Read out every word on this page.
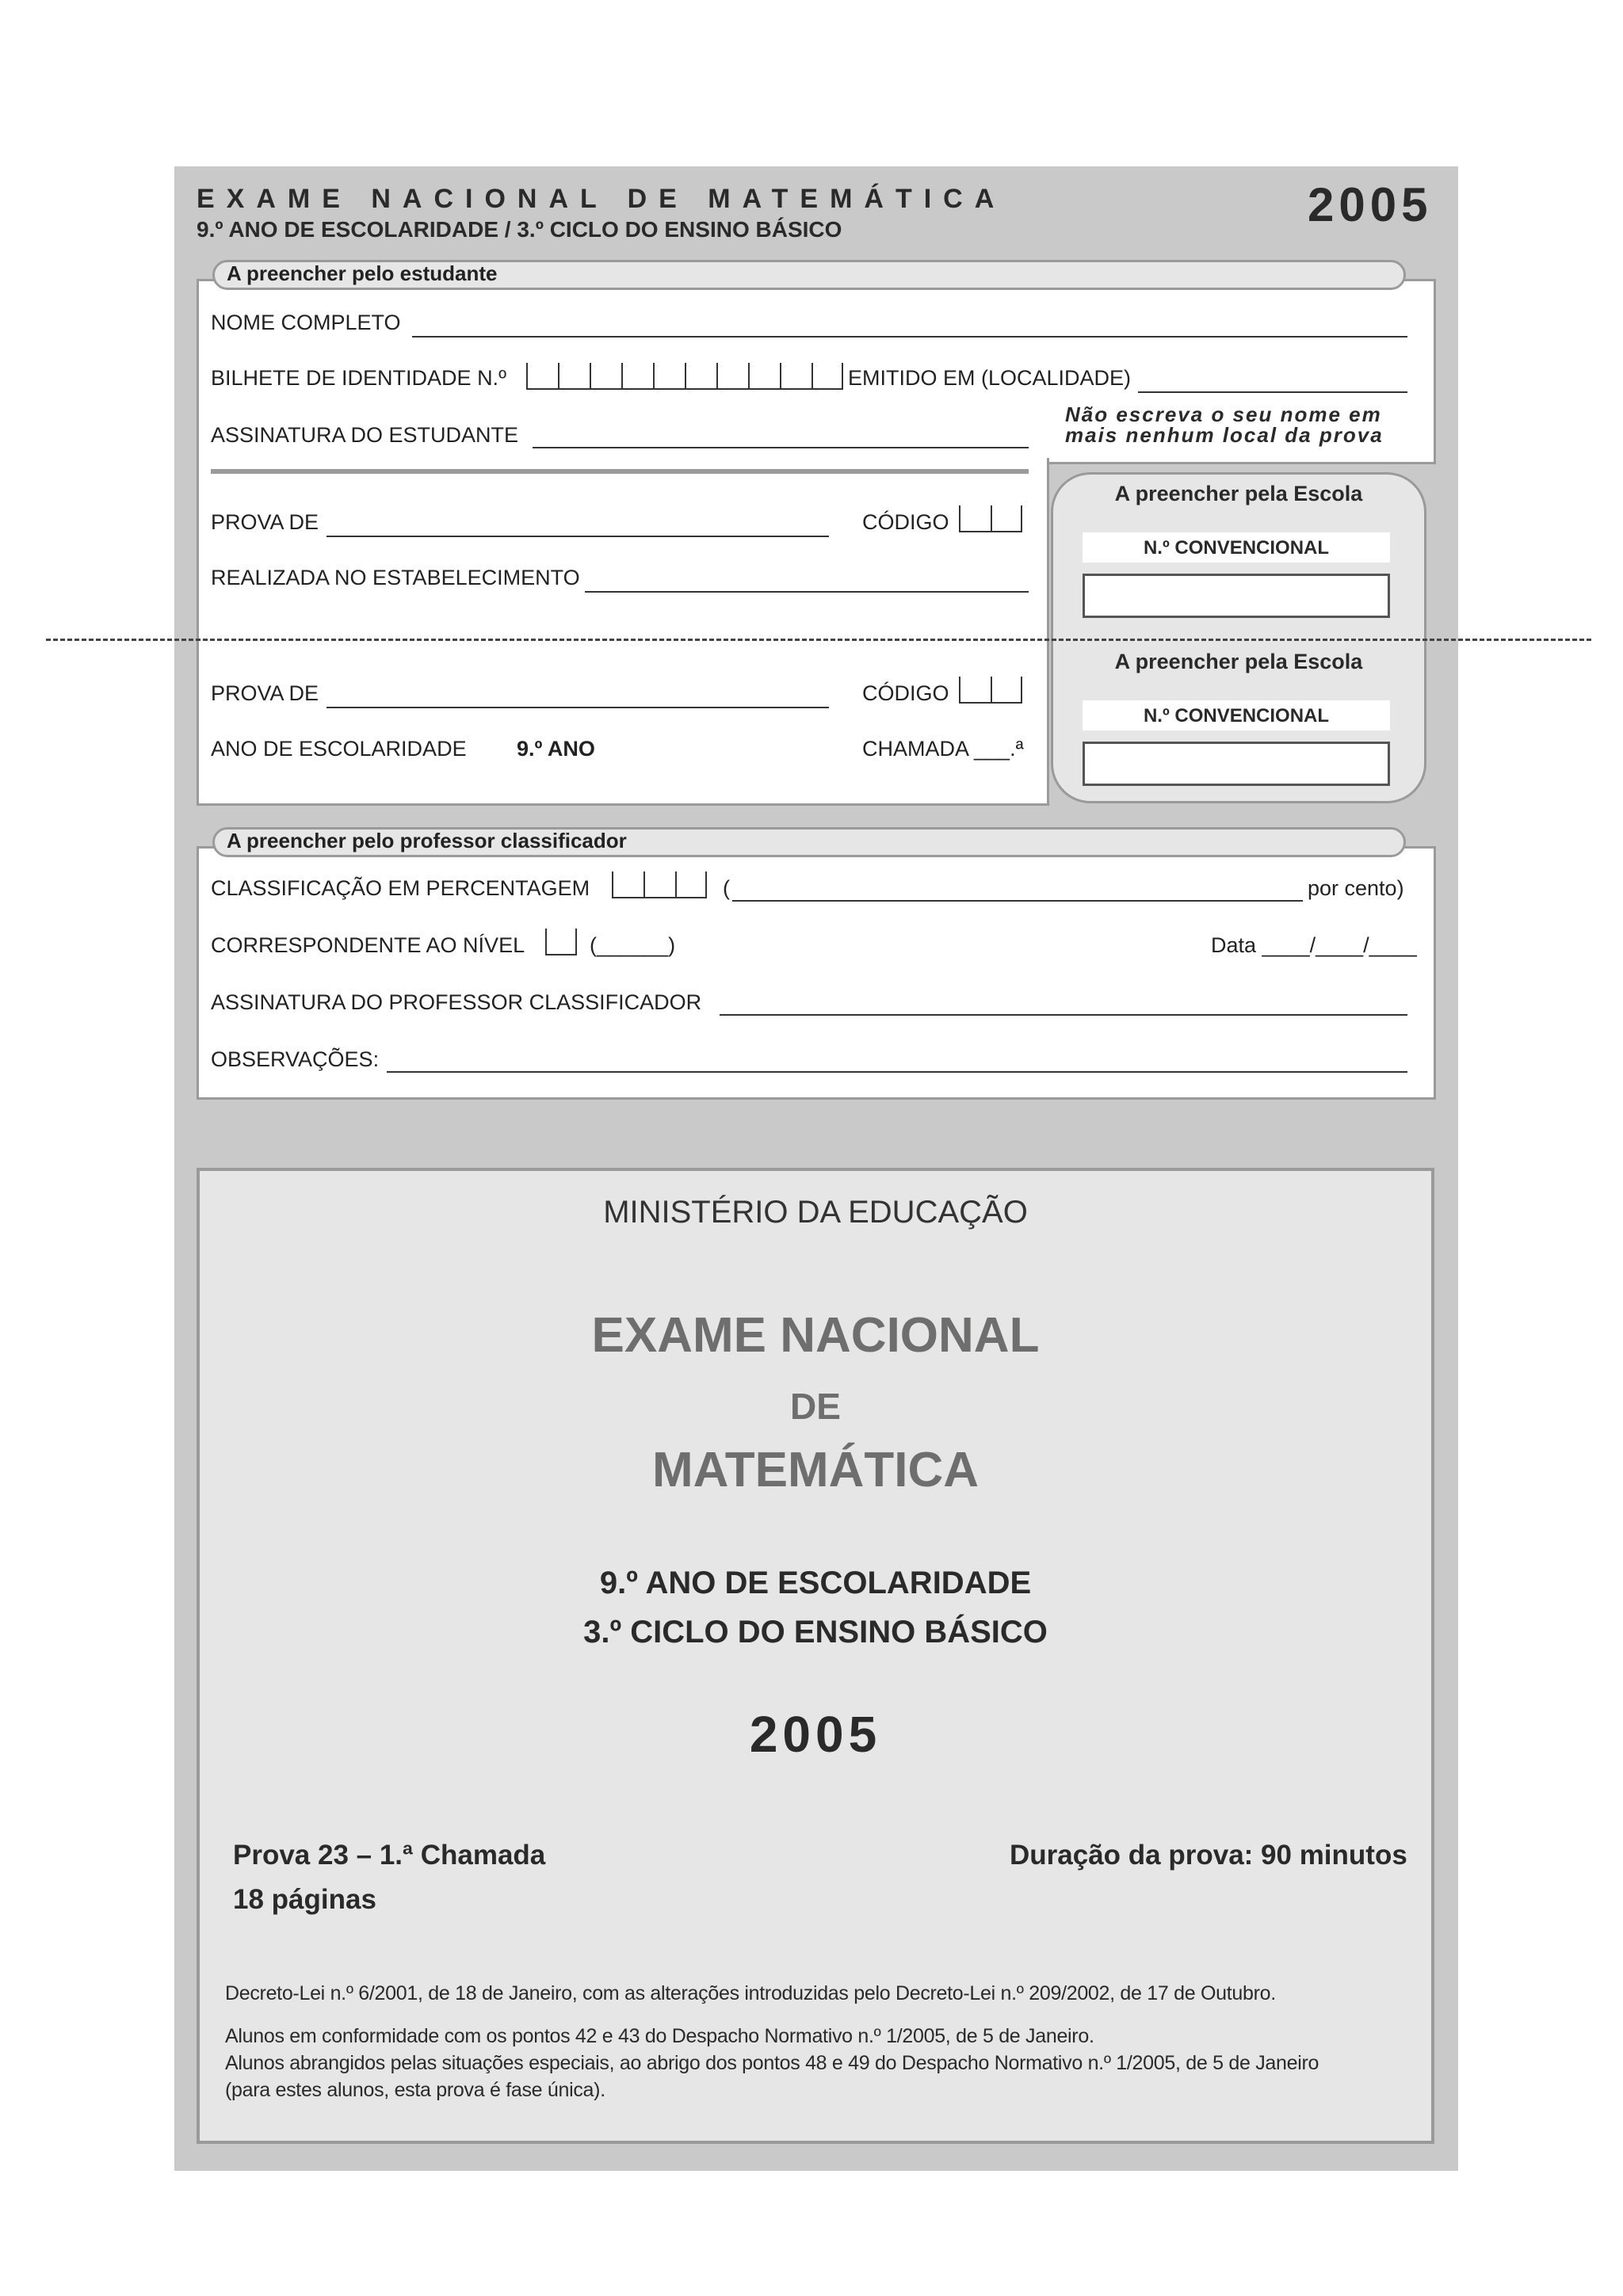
EXAME NACIONAL DE MATEMÁTICA
9.º ANO DE ESCOLARIDADE / 3.º CICLO DO ENSINO BÁSICO	2005
A preencher pelo estudante
NOME COMPLETO
BILHETE DE IDENTIDADE N.º	EMITIDO EM (LOCALIDADE)
ASSINATURA DO ESTUDANTE
Não escreva o seu nome em
mais nenhum local da prova
PROVA DE	CÓDIGO
REALIZADA NO ESTABELECIMENTO
PROVA DE	CÓDIGO
ANO DE ESCOLARIDADE 9.º ANO	CHAMADA ___.ª
A preencher pela Escola
N.º CONVENCIONAL
A preencher pela Escola
N.º CONVENCIONAL
A preencher pelo professor classificador
CLASSIFICAÇÃO EM PERCENTAGEM	(	por cento)
CORRESPONDENTE AO NÍVEL	(______)	Data ____/____/____
ASSINATURA DO PROFESSOR CLASSIFICADOR
OBSERVAÇÕES:
MINISTÉRIO DA EDUCAÇÃO
EXAME NACIONAL
DE
MATEMÁTICA
9.º ANO DE ESCOLARIDADE
3.º CICLO DO ENSINO BÁSICO
2005
Prova 23 – 1.ª Chamada
18 páginas
Duração da prova: 90 minutos
Decreto-Lei n.º 6/2001, de 18 de Janeiro, com as alterações introduzidas pelo Decreto-Lei n.º 209/2002, de 17 de Outubro.
Alunos em conformidade com os pontos 42 e 43 do Despacho Normativo n.º 1/2005, de 5 de Janeiro.
Alunos abrangidos pelas situações especiais, ao abrigo dos pontos 48 e 49 do Despacho Normativo n.º 1/2005, de 5 de Janeiro
(para estes alunos, esta prova é fase única).
